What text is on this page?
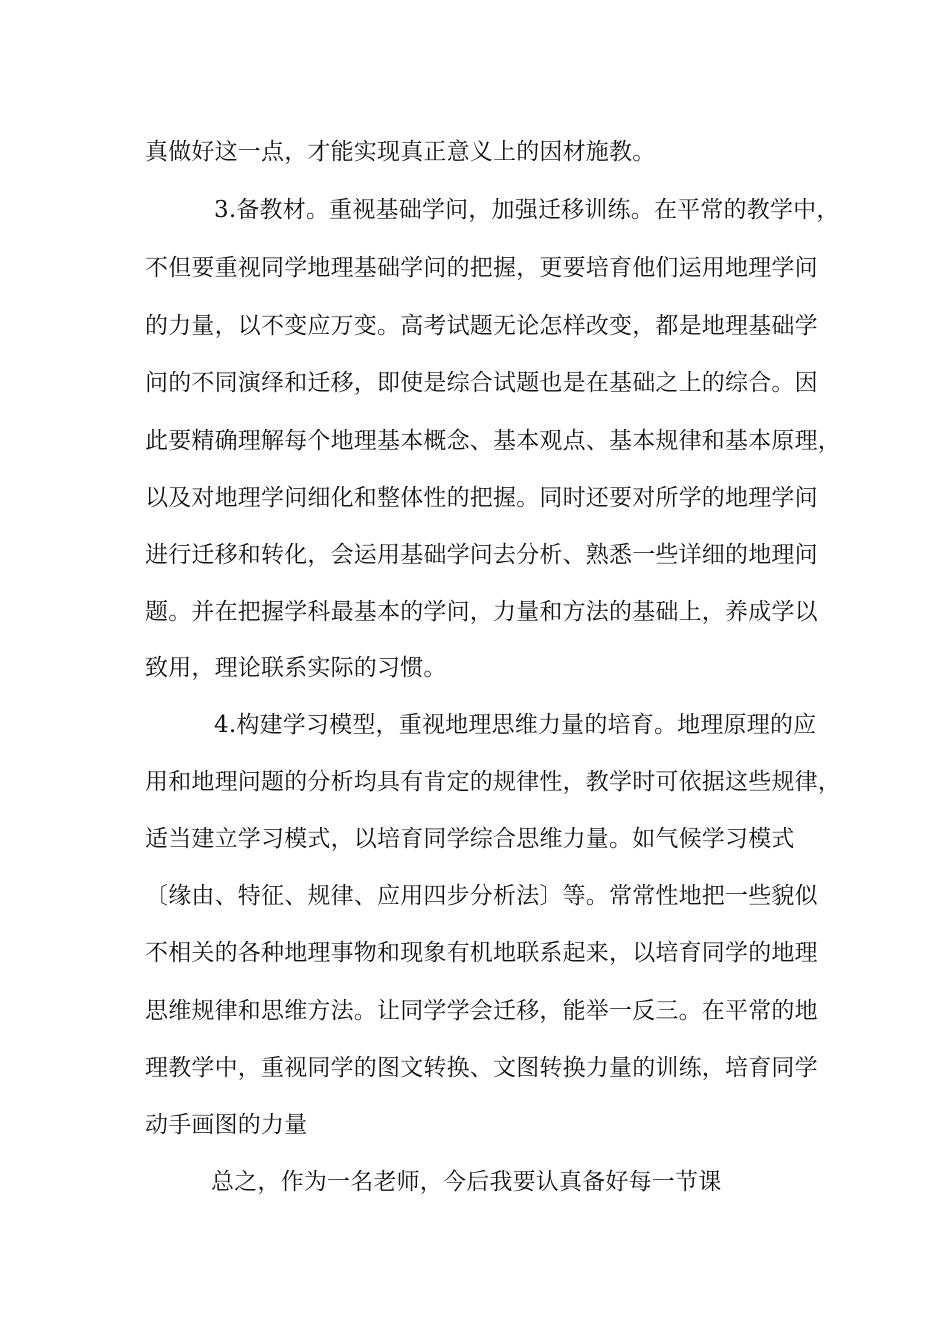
真做好这一点，才能实现真正意义上的因材施教。

3.备教材。重视基础学问，加强迁移训练。在平常的教学中，

不但要重视同学地理基础学问的把握，更要培育他们运用地理学问

的力量，以不变应万变。高考试题无论怎样改变，都是地理基础学

问的不同演绎和迁移，即使是综合试题也是在基础之上的综合。因

此要精确理解每个地理基本概念、基本观点、基本规律和基本原理，

以及对地理学问细化和整体性的把握。同时还要对所学的地理学问

进行迁移和转化，会运用基础学问去分析、熟悉一些详细的地理问

题。并在把握学科最基本的学问，力量和方法的基础上，养成学以

致用，理论联系实际的习惯。

4.构建学习模型，重视地理思维力量的培育。地理原理的应

用和地理问题的分析均具有肯定的规律性，教学时可依据这些规律，

适当建立学习模式，以培育同学综合思维力量。如气候学习模式

〔缘由、特征、规律、应用四步分析法〕等。常常性地把一些貌似

不相关的各种地理事物和现象有机地联系起来，以培育同学的地理

思维规律和思维方法。让同学学会迁移，能举一反三。在平常的地

理教学中，重视同学的图文转换、文图转换力量的训练，培育同学

动手画图的力量

总之，作为一名老师，今后我要认真备好每一节课
